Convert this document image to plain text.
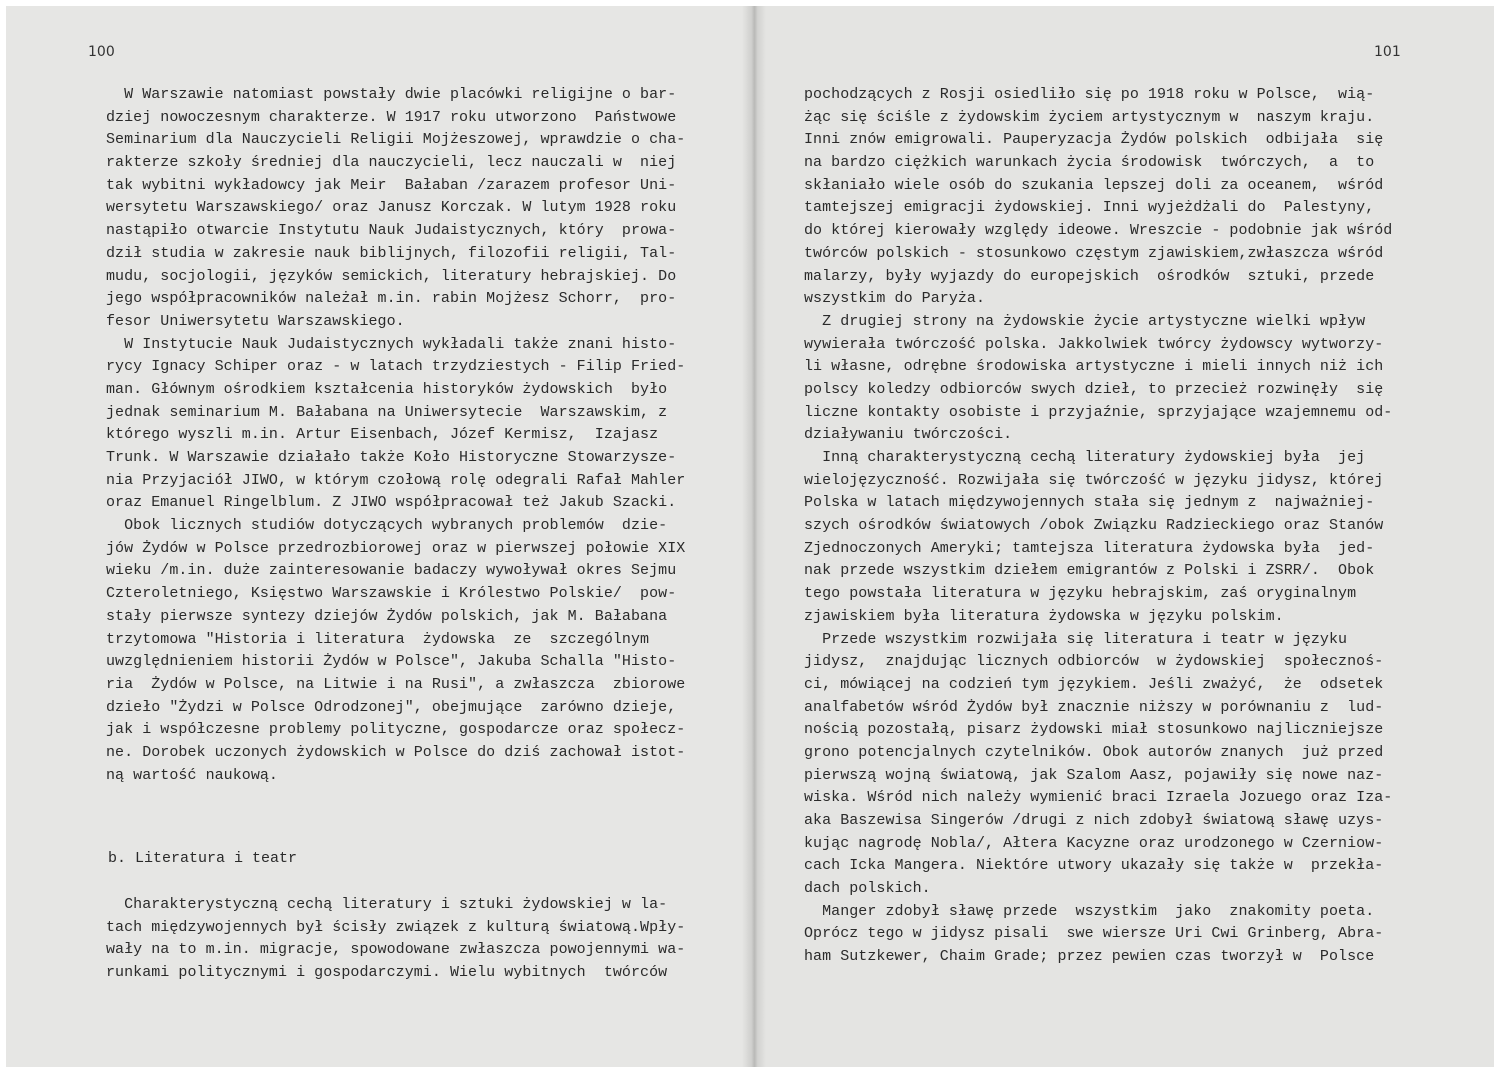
100
W Warszawie natomiast powstały dwie placówki religijne o bar-
dziej nowoczesnym charakterze. W 1917 roku utworzono  Państwowe
Seminarium dla Nauczycieli Religii Mojżeszowej, wprawdzie o cha-
rakterze szkoły średniej dla nauczycieli, lecz nauczali w  niej
tak wybitni wykładowcy jak Meir  Bałaban /zarazem profesor Uni-
wersytetu Warszawskiego/ oraz Janusz Korczak. W lutym 1928 roku
nastąpiło otwarcie Instytutu Nauk Judaistycznych, który  prowa-
dził studia w zakresie nauk biblijnych, filozofii religii, Tal-
mudu, socjologii, języków semickich, literatury hebrajskiej. Do
jego współpracowników należał m.in. rabin Mojżesz Schorr,  pro-
fesor Uniwersytetu Warszawskiego.
W Instytucie Nauk Judaistycznych wykładali także znani histo-
rycy Ignacy Schiper oraz - w latach trzydziestych - Filip Fried-
man. Głównym ośrodkiem kształcenia historyków żydowskich  było
jednak seminarium M. Bałabana na Uniwersytecie  Warszawskim, z
którego wyszli m.in. Artur Eisenbach, Józef Kermisz,  Izajasz
Trunk. W Warszawie działało także Koło Historyczne Stowarzysze-
nia Przyjaciół JIWO, w którym czołową rolę odegrali Rafał Mahler
oraz Emanuel Ringelblum. Z JIWO współpracował też Jakub Szacki.
Obok licznych studiów dotyczących wybranych problemów  dzie-
jów Żydów w Polsce przedrozbiorowej oraz w pierwszej połowie XIX
wieku /m.in. duże zainteresowanie badaczy wywoływał okres Sejmu
Czteroletniego, Księstwo Warszawskie i Królestwo Polskie/  pow-
stały pierwsze syntezy dziejów Żydów polskich, jak M. Bałabana
trzytomowa "Historia i literatura  żydowska  ze  szczególnym
uwzględnieniem historii Żydów w Polsce", Jakuba Schalla "Histo-
ria  Żydów w Polsce, na Litwie i na Rusi", a zwłaszcza  zbiorowe
dzieło "Żydzi w Polsce Odrodzonej", obejmujące  zarówno dzieje,
jak i współczesne problemy polityczne, gospodarcze oraz społecz-
ne. Dorobek uczonych żydowskich w Polsce do dziś zachował istot-
ną wartość naukową.
b. Literatura i teatr
Charakterystyczną cechą literatury i sztuki żydowskiej w la-
tach międzywojennych był ścisły związek z kulturą światową.Wpły-
wały na to m.in. migracje, spowodowane zwłaszcza powojennymi wa-
runkami politycznymi i gospodarczymi. Wielu wybitnych  twórców
101
pochodzących z Rosji osiedliło się po 1918 roku w Polsce,  wią-
żąc się ściśle z żydowskim życiem artystycznym w  naszym kraju.
Inni znów emigrowali. Pauperyzacja Żydów polskich  odbijała  się
na bardzo ciężkich warunkach życia środowisk  twórczych,  a  to
skłaniało wiele osób do szukania lepszej doli za oceanem,  wśród
tamtejszej emigracji żydowskiej. Inni wyjeżdżali do  Palestyny,
do której kierowały względy ideowe. Wreszcie - podobnie jak wśród
twórców polskich - stosunkowo częstym zjawiskiem,zwłaszcza wśród
malarzy, były wyjazdy do europejskich  ośrodków  sztuki, przede
wszystkim do Paryża.
Z drugiej strony na żydowskie życie artystyczne wielki wpływ
wywierała twórczość polska. Jakkolwiek twórcy żydowscy wytworzy-
li własne, odrębne środowiska artystyczne i mieli innych niż ich
polscy koledzy odbiorców swych dzieł, to przecież rozwinęły  się
liczne kontakty osobiste i przyjaźnie, sprzyjające wzajemnemu od-
działywaniu twórczości.
Inną charakterystyczną cechą literatury żydowskiej była  jej
wielojęzyczność. Rozwijała się twórczość w języku jidysz, której
Polska w latach międzywojennych stała się jednym z  najważniej-
szych ośrodków światowych /obok Związku Radzieckiego oraz Stanów
Zjednoczonych Ameryki; tamtejsza literatura żydowska była  jed-
nak przede wszystkim dziełem emigrantów z Polski i ZSRR/.  Obok
tego powstała literatura w języku hebrajskim, zaś oryginalnym
zjawiskiem była literatura żydowska w języku polskim.
Przede wszystkim rozwijała się literatura i teatr w języku
jidysz,  znajdując licznych odbiorców  w żydowskiej  społecznoś-
ci, mówiącej na codzień tym językiem. Jeśli zważyć,  że  odsetek
analfabetów wśród Żydów był znacznie niższy w porównaniu z  lud-
nością pozostałą, pisarz żydowski miał stosunkowo najliczniejsze
grono potencjalnych czytelników. Obok autorów znanych  już przed
pierwszą wojną światową, jak Szalom Aasz, pojawiły się nowe naz-
wiska. Wśród nich należy wymienić braci Izraela Jozuego oraz Iza-
aka Baszewisa Singerów /drugi z nich zdobył światową sławę uzys-
kując nagrodę Nobla/, Ałtera Kacyzne oraz urodzonego w Czerniow-
cach Icka Mangera. Niektóre utwory ukazały się także w  przekła-
dach polskich.
Manger zdobył sławę przede  wszystkim  jako  znakomity poeta.
Oprócz tego w jidysz pisali  swe wiersze Uri Cwi Grinberg, Abra-
ham Sutzkewer, Chaim Grade; przez pewien czas tworzył w  Polsce
